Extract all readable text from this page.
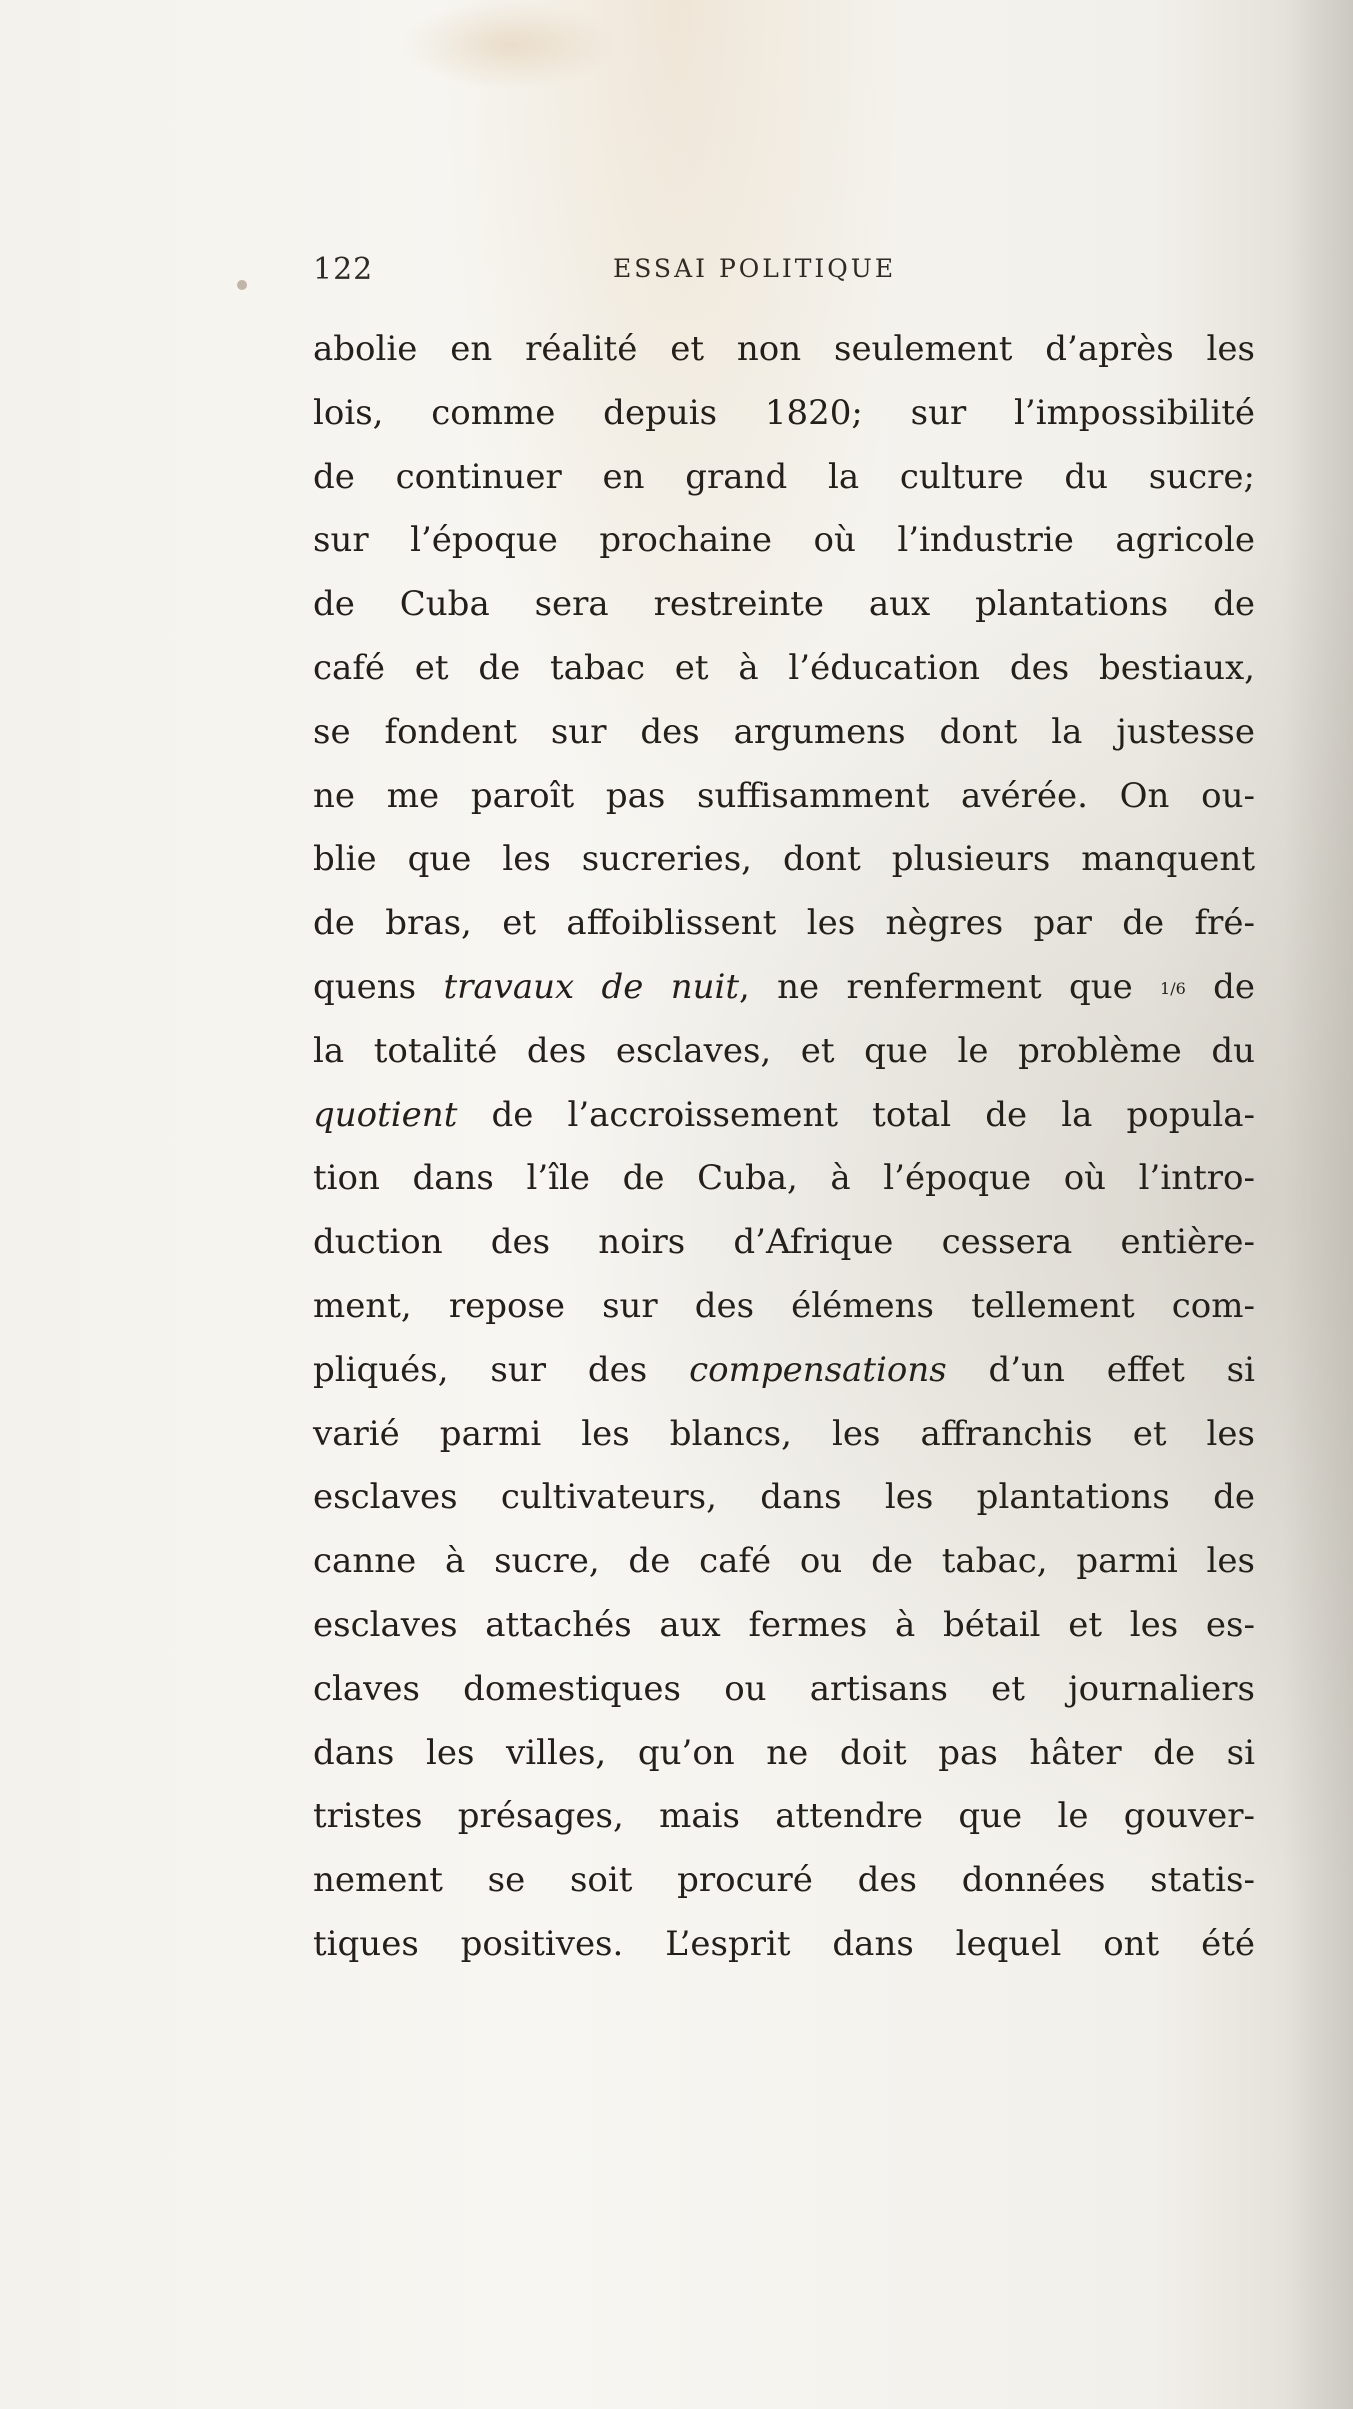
122	ESSAI POLITIQUE
abolie en réalité et non seulement d’après les
lois, comme depuis 1820; sur l’impossibilité
de continuer en grand la culture du sucre;
sur l’époque prochaine où l’industrie agricole
de Cuba sera restreinte aux plantations de
café et de tabac et à l’éducation des bestiaux,
se fondent sur des argumens dont la justesse
ne me paroît pas suffisamment avérée. On ou-
blie que les sucreries, dont plusieurs manquent
de bras, et affoiblissent les nègres par de fré-
quens travaux de nuit, ne renferment que 1/6 de
la totalité des esclaves, et que le problème du
quotient de l’accroissement total de la popula-
tion dans l’île de Cuba, à l’époque où l’intro-
duction des noirs d’Afrique cessera entière-
ment, repose sur des élémens tellement com-
pliqués, sur des compensations d’un effet si
varié parmi les blancs, les affranchis et les
esclaves cultivateurs, dans les plantations de
canne à sucre, de café ou de tabac, parmi les
esclaves attachés aux fermes à bétail et les es-
claves domestiques ou artisans et journaliers
dans les villes, qu’on ne doit pas hâter de si
tristes présages, mais attendre que le gouver-
nement se soit procuré des données statis-
tiques positives. L’esprit dans lequel ont été
